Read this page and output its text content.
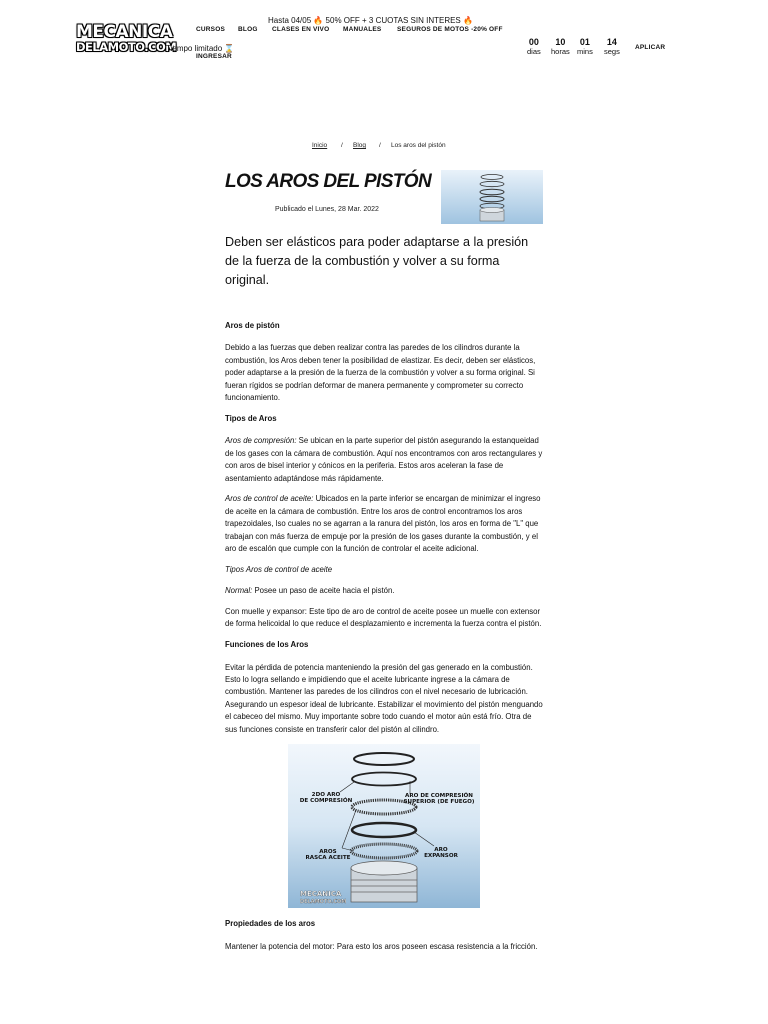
MECANICA
DELAMOTO.COM
Hasta 04/05 🔥 50% OFF + 3 CUOTAS SIN INTERES 🔥
CURSOS BLOG CLASES EN VIVO MANUALES SEGUROS DE MOTOS -20% OFF
Tiempo limitado ⌛
INGRESAR
00
dias
10
horas
01
mins
14
segs APLICAR
Inicio / Blog / Los aros del pistón
LOS AROS DEL PISTÓN
Publicado el Lunes, 28 Mar. 2022

Deben ser elásticos para poder adaptarse a la presión de la fuerza de la combustión y volver a su forma original.

Aros de pistón

Debido a las fuerzas que deben realizar contra las paredes de los cilindros durante la combustión, los Aros deben tener la posibilidad de elastizar. Es decir, deben ser elásticos, poder adaptarse a la presión de la fuerza de la combustión y volver a su forma original. Si fueran rígidos se podrían deformar de manera permanente y comprometer su correcto funcionamiento.

Tipos de Aros

Aros de compresión: Se ubican en la parte superior del pistón asegurando la estanqueidad de los gases con la cámara de combustión. Aquí nos encontramos con aros rectangulares y con aros de bisel interior y cónicos en la periferia. Estos aros aceleran la fase de asentamiento adaptándose más rápidamente.

Aros de control de aceite: Ubicados en la parte inferior se encargan de minimizar el ingreso de aceite en la cámara de combustión. Entre los aros de control encontramos los aros trapezoidales, lso cuales no se agarran a la ranura del pistón, los aros en forma de "L" que trabajan con más fuerza de empuje por la presión de los gases durante la combustión, y el aro de escalón que cumple con la función de controlar el aceite adicional.

Tipos Aros de control de aceite

Normal: Posee un paso de aceite hacia el pistón.

Con muelle y expansor: Este tipo de aro de control de aceite posee un muelle con extensor de forma helicoidal lo que reduce el desplazamiento e incrementa la fuerza contra el pistón.

Funciones de los Aros

Evitar la pérdida de potencia manteniendo la presión del gas generado en la combustión. Esto lo logra sellando e impidiendo que el aceite lubricante ingrese a la cámara de combustión. Mantener las paredes de los cilindros con el nivel necesario de lubricación. Asegurando un espesor ideal de lubricante. Estabilizar el movimiento del pistón menguando el cabeceo del mismo. Muy importante sobre todo cuando el motor aún está frío. Otra de sus funciones consiste en transferir calor del pistón al cilindro.

2DO ARO
DE COMPRESIÓN
ARO DE COMPRESIÓN
SUPERIOR (DE FUEGO)
AROS
RASCA ACEITE
ARO
EXPANSOR
MECANICA
DELAMOTO.COM
Propiedades de los aros

Mantener la potencia del motor: Para esto los aros poseen escasa resistencia a la fricción.
